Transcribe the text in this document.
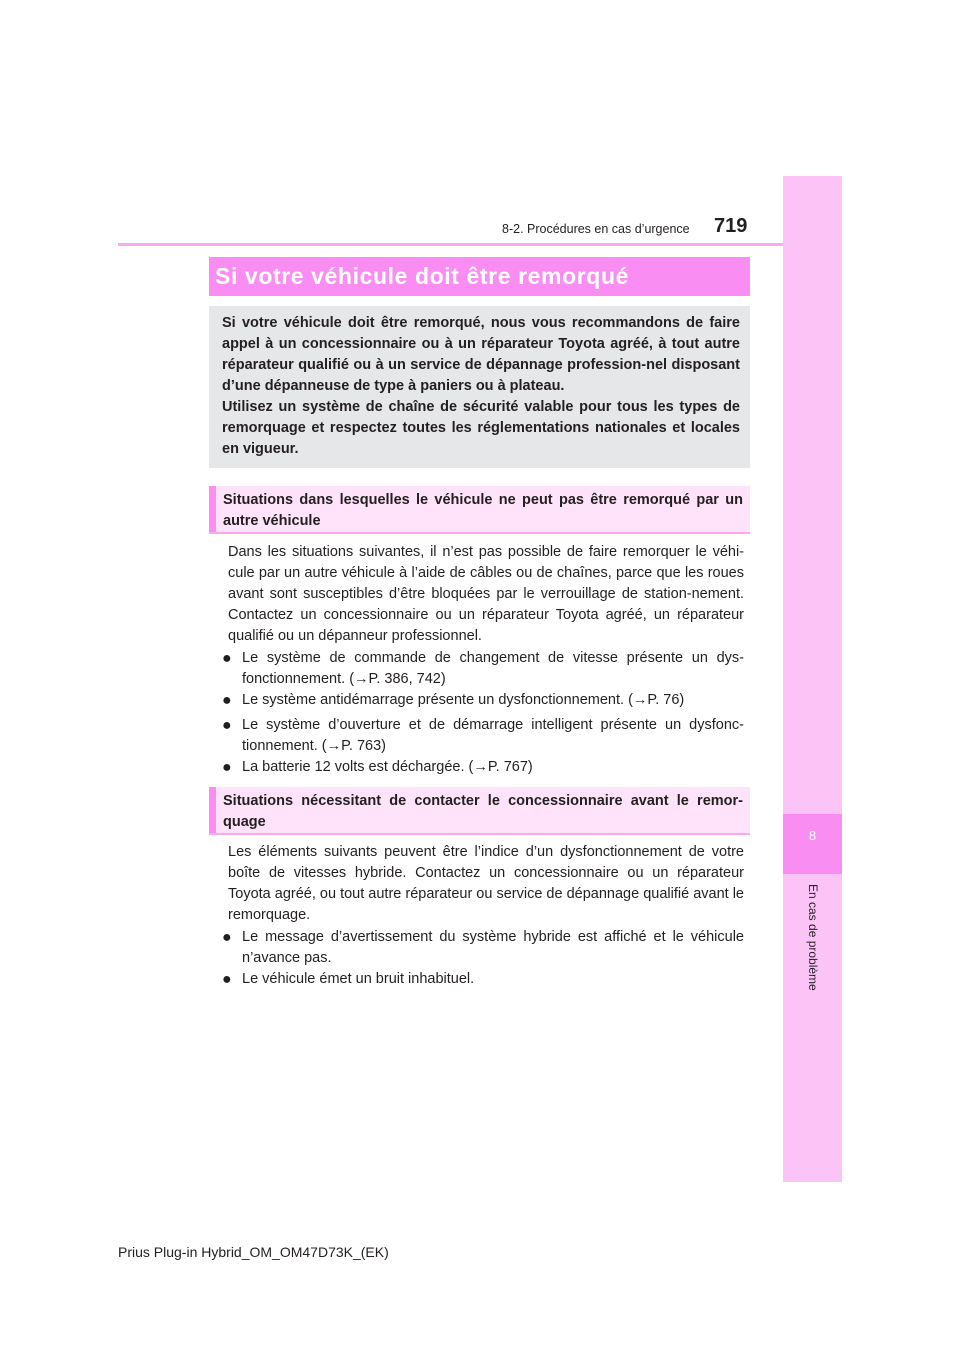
8
En cas de problème
8-2. Procédures en cas d’urgence 719
Si votre véhicule doit être remorqué

Si votre véhicule doit être remorqué, nous vous recommandons de faire appel à un concessionnaire ou à un réparateur Toyota agréé, à tout autre réparateur qualifié ou à un service de dépannage profession-nel disposant d’une dépanneuse de type à paniers ou à plateau.

Utilisez un système de chaîne de sécurité valable pour tous les types de remorquage et respectez toutes les réglementations nationales et locales en vigueur.

Situations dans lesquelles le véhicule ne peut pas être remorqué par un autre véhicule

Dans les situations suivantes, il n’est pas possible de faire remorquer le véhi-cule par un autre véhicule à l’aide de câbles ou de chaînes, parce que les roues avant sont susceptibles d’être bloquées par le verrouillage de station-nement. Contactez un concessionnaire ou un réparateur Toyota agréé, un réparateur qualifié ou un dépanneur professionnel.

● Le système de commande de changement de vitesse présente un dys-fonctionnement. (→P. 386, 742)
● Le système antidémarrage présente un dysfonctionnement. (→P. 76)
● Le système d’ouverture et de démarrage intelligent présente un dysfonc-tionnement. (→P. 763)
● La batterie 12 volts est déchargée. (→P. 767)
Situations nécessitant de contacter le concessionnaire avant le remor-quage

Les éléments suivants peuvent être l’indice d’un dysfonctionnement de votre boîte de vitesses hybride. Contactez un concessionnaire ou un réparateur Toyota agréé, ou tout autre réparateur ou service de dépannage qualifié avant le remorquage.

● Le message d’avertissement du système hybride est affiché et le véhicule n’avance pas.
● Le véhicule émet un bruit inhabituel.
Prius Plug-in Hybrid_OM_OM47D73K_(EK)
